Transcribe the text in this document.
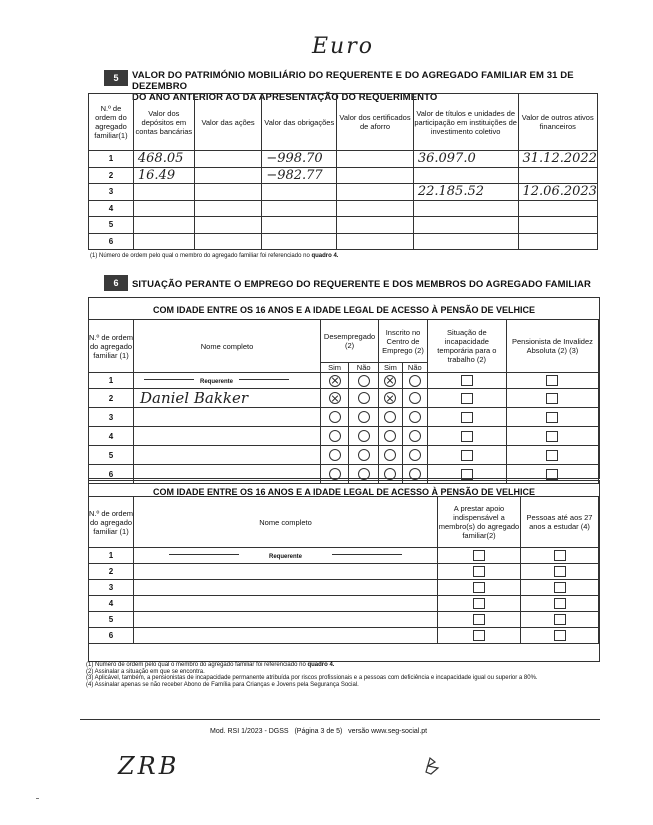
Euro
5	VALOR DO PATRIMÓNIO MOBILIÁRIO DO REQUERENTE E DO AGREGADO FAMILIAR EM 31 DE DEZEMBRO
DO ANO ANTERIOR AO DA APRESENTAÇÃO DO REQUERIMENTO
N.º de ordem do agregado familiar(1)	Valor dos depósitos em contas bancárias	Valor das ações	Valor das obrigações	Valor dos certificados de aforro	Valor de títulos e unidades de participação em instituições de investimento coletivo	Valor de outros ativos financeiros
1	468.05		−998.70		36.097.0	31.12.2022
2	16.49		−982.77			
3					22.185.52	12.06.2023
4						
5						
6						
(1) Número de ordem pelo qual o membro do agregado familiar foi referenciado no quadro 4.
6	SITUAÇÃO PERANTE O EMPREGO DO REQUERENTE E DOS MEMBROS DO AGREGADO FAMILIAR
COM IDADE ENTRE OS 16 ANOS E A IDADE LEGAL DE ACESSO À PENSÃO DE VELHICE
N.º de ordem do agregado familiar (1)	Nome completo	Desempregado (2)		Inscrito no Centro de Emprego (2)		Situação de incapacidade temporária para o trabalho (2)	Pensionista de Invalidez Absoluta (2) (3)
		Sim	Não	Sim	Não		
1	Requerente						
2	Daniel Bakker						
3							
4							
5							
6							
COM IDADE ENTRE OS 16 ANOS E A IDADE LEGAL DE ACESSO À PENSÃO DE VELHICE
N.º de ordem do agregado familiar (1)	Nome completo	A prestar apoio indispensável a membro(s) do agregado familiar(2)	Pessoas até aos 27 anos a estudar (4)
1	Requerente		
2			
3			
4			
5			
6			
(1) Número de ordem pelo qual o membro do agregado familiar foi referenciado no quadro 4.
(2) Assinalar a situação em que se encontra.
(3) Aplicável, também, a pensionistas de incapacidade permanente atribuída por riscos profissionais e a pessoas com deficiência e incapacidade igual ou superior a 80%.
(4) Assinalar apenas se não receber Abono de Família para Crianças e Jovens pela Segurança Social.
Mod. RSI 1/2023 - DGSS (Página 3 de 5) versão www.seg-social.pt
ZRB
